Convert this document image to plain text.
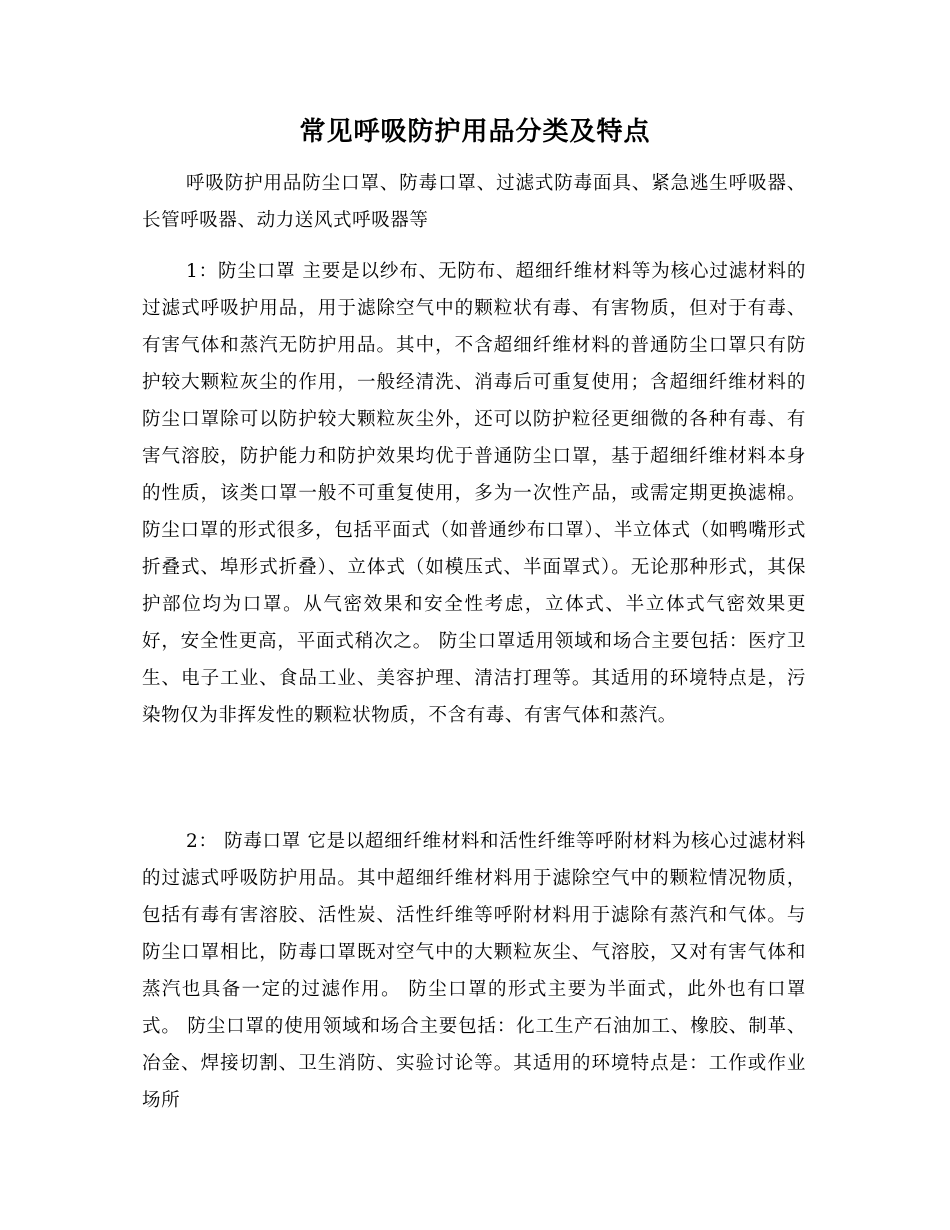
常见呼吸防护用品分类及特点

呼吸防护用品防尘口罩、防毒口罩、过滤式防毒面具、紧急逃生呼吸器、长管呼吸器、动力送风式呼吸器等

1：防尘口罩 主要是以纱布、无防布、超细纤维材料等为核心过滤材料的过滤式呼吸护用品，用于滤除空气中的颗粒状有毒、有害物质，但对于有毒、有害气体和蒸汽无防护用品。其中，不含超细纤维材料的普通防尘口罩只有防护较大颗粒灰尘的作用，一般经清洗、消毒后可重复使用；含超细纤维材料的防尘口罩除可以防护较大颗粒灰尘外，还可以防护粒径更细微的各种有毒、有害气溶胶，防护能力和防护效果均优于普通防尘口罩，基于超细纤维材料本身的性质，该类口罩一般不可重复使用，多为一次性产品，或需定期更换滤棉。 防尘口罩的形式很多，包括平面式（如普通纱布口罩）、半立体式（如鸭嘴形式折叠式、埠形式折叠）、立体式（如模压式、半面罩式）。无论那种形式，其保护部位均为口罩。从气密效果和安全性考虑，立体式、半立体式气密效果更好，安全性更高，平面式稍次之。 防尘口罩适用领域和场合主要包括：医疗卫生、电子工业、食品工业、美容护理、清洁打理等。其适用的环境特点是，污染物仅为非挥发性的颗粒状物质，不含有毒、有害气体和蒸汽。

2： 防毒口罩 它是以超细纤维材料和活性纤维等呼附材料为核心过滤材料的过滤式呼吸防护用品。其中超细纤维材料用于滤除空气中的颗粒情况物质，包括有毒有害溶胶、活性炭、活性纤维等呼附材料用于滤除有蒸汽和气体。与防尘口罩相比，防毒口罩既对空气中的大颗粒灰尘、气溶胶，又对有害气体和蒸汽也具备一定的过滤作用。 防尘口罩的形式主要为半面式，此外也有口罩式。 防尘口罩的使用领域和场合主要包括：化工生产石油加工、橡胶、制革、冶金、焊接切割、卫生消防、实验讨论等。其适用的环境特点是：工作或作业场所
